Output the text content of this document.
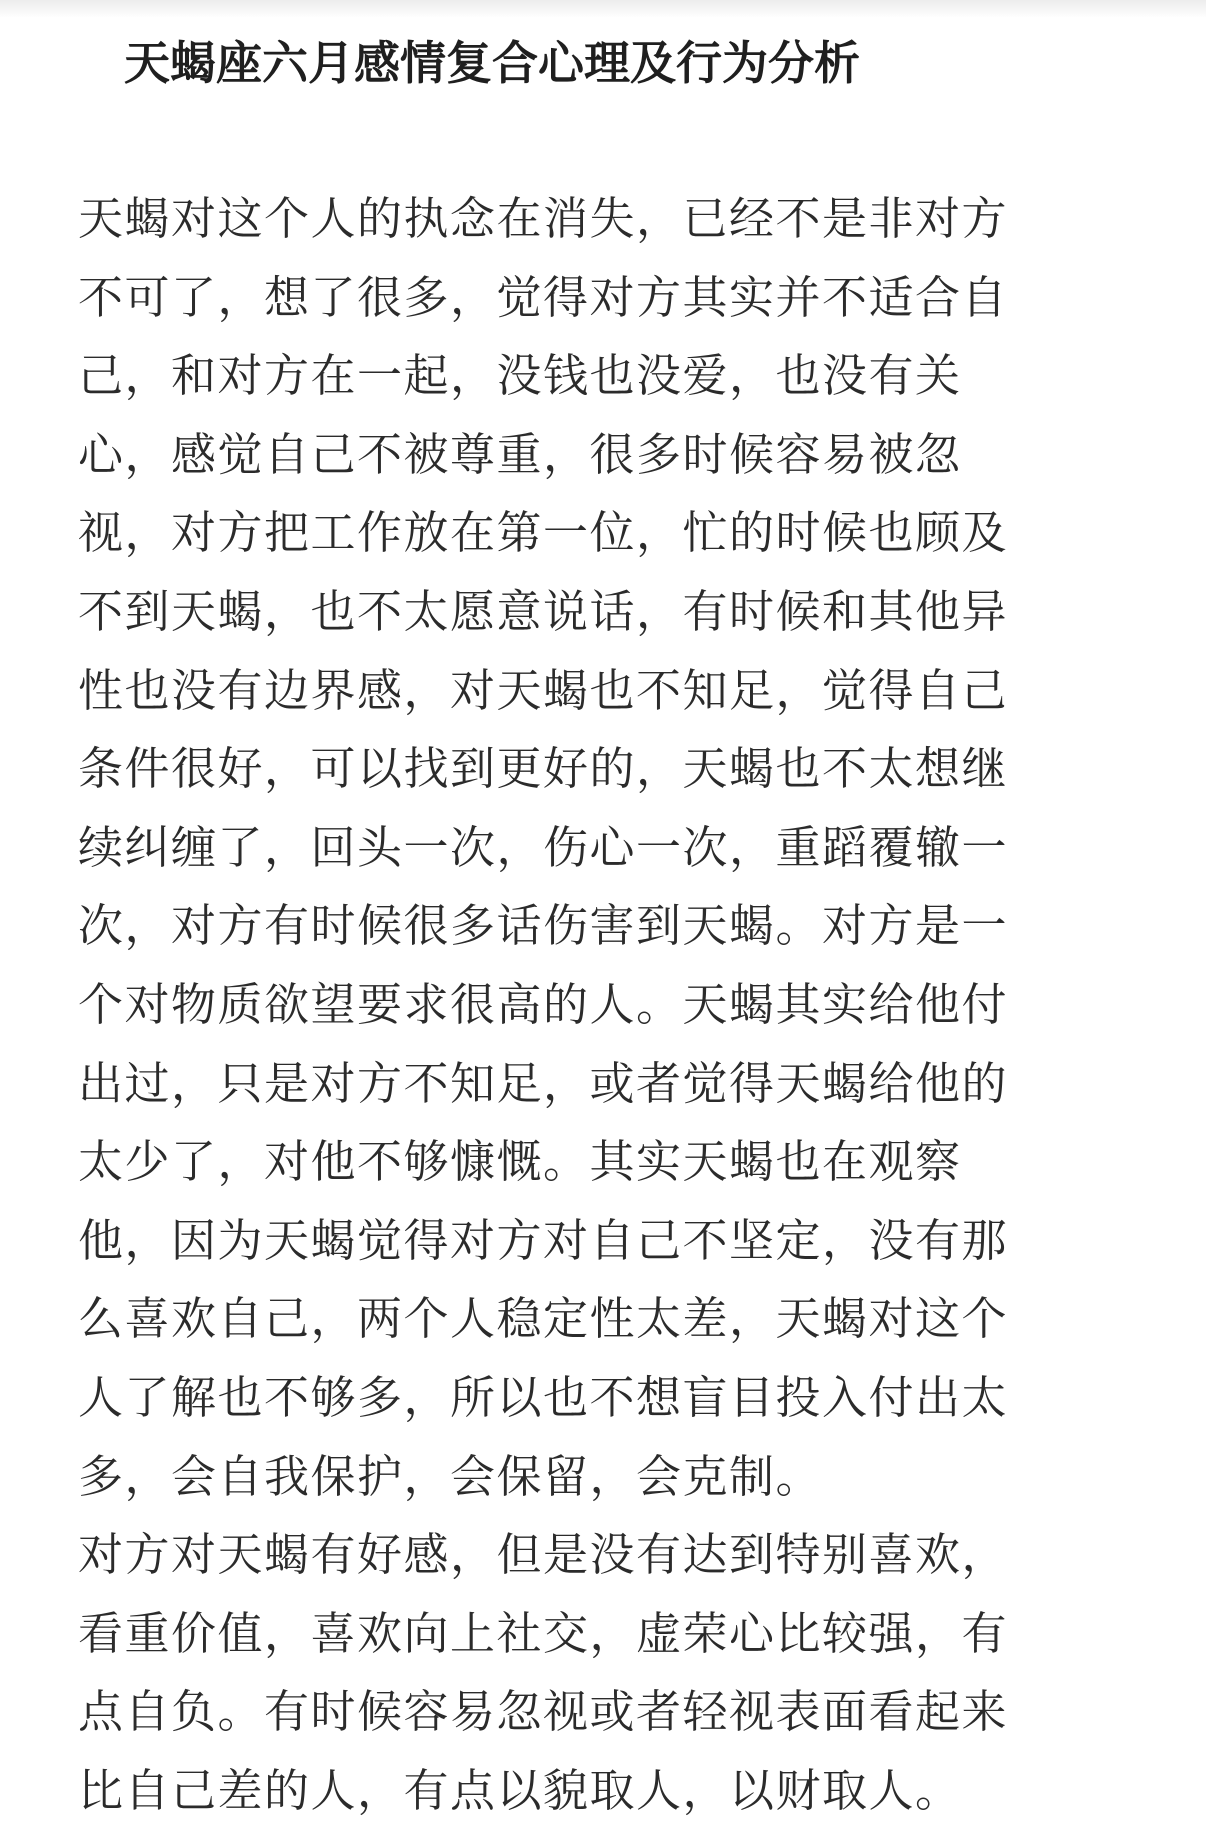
天蝎座六月感情复合心理及行为分析
天蝎对这个人的执念在消失，已经不是非对方
不可了，想了很多，觉得对方其实并不适合自
己，和对方在一起，没钱也没爱，也没有关
心，感觉自己不被尊重，很多时候容易被忽
视，对方把工作放在第一位，忙的时候也顾及
不到天蝎，也不太愿意说话，有时候和其他异
性也没有边界感，对天蝎也不知足，觉得自己
条件很好，可以找到更好的，天蝎也不太想继
续纠缠了，回头一次，伤心一次，重蹈覆辙一
次，对方有时候很多话伤害到天蝎。对方是一
个对物质欲望要求很高的人。天蝎其实给他付
出过，只是对方不知足，或者觉得天蝎给他的
太少了，对他不够慷慨。其实天蝎也在观察
他，因为天蝎觉得对方对自己不坚定，没有那
么喜欢自己，两个人稳定性太差，天蝎对这个
人了解也不够多，所以也不想盲目投入付出太
多，会自我保护，会保留，会克制。
对方对天蝎有好感，但是没有达到特别喜欢，
看重价值，喜欢向上社交，虚荣心比较强，有
点自负。有时候容易忽视或者轻视表面看起来
比自己差的人，有点以貌取人，以财取人。
